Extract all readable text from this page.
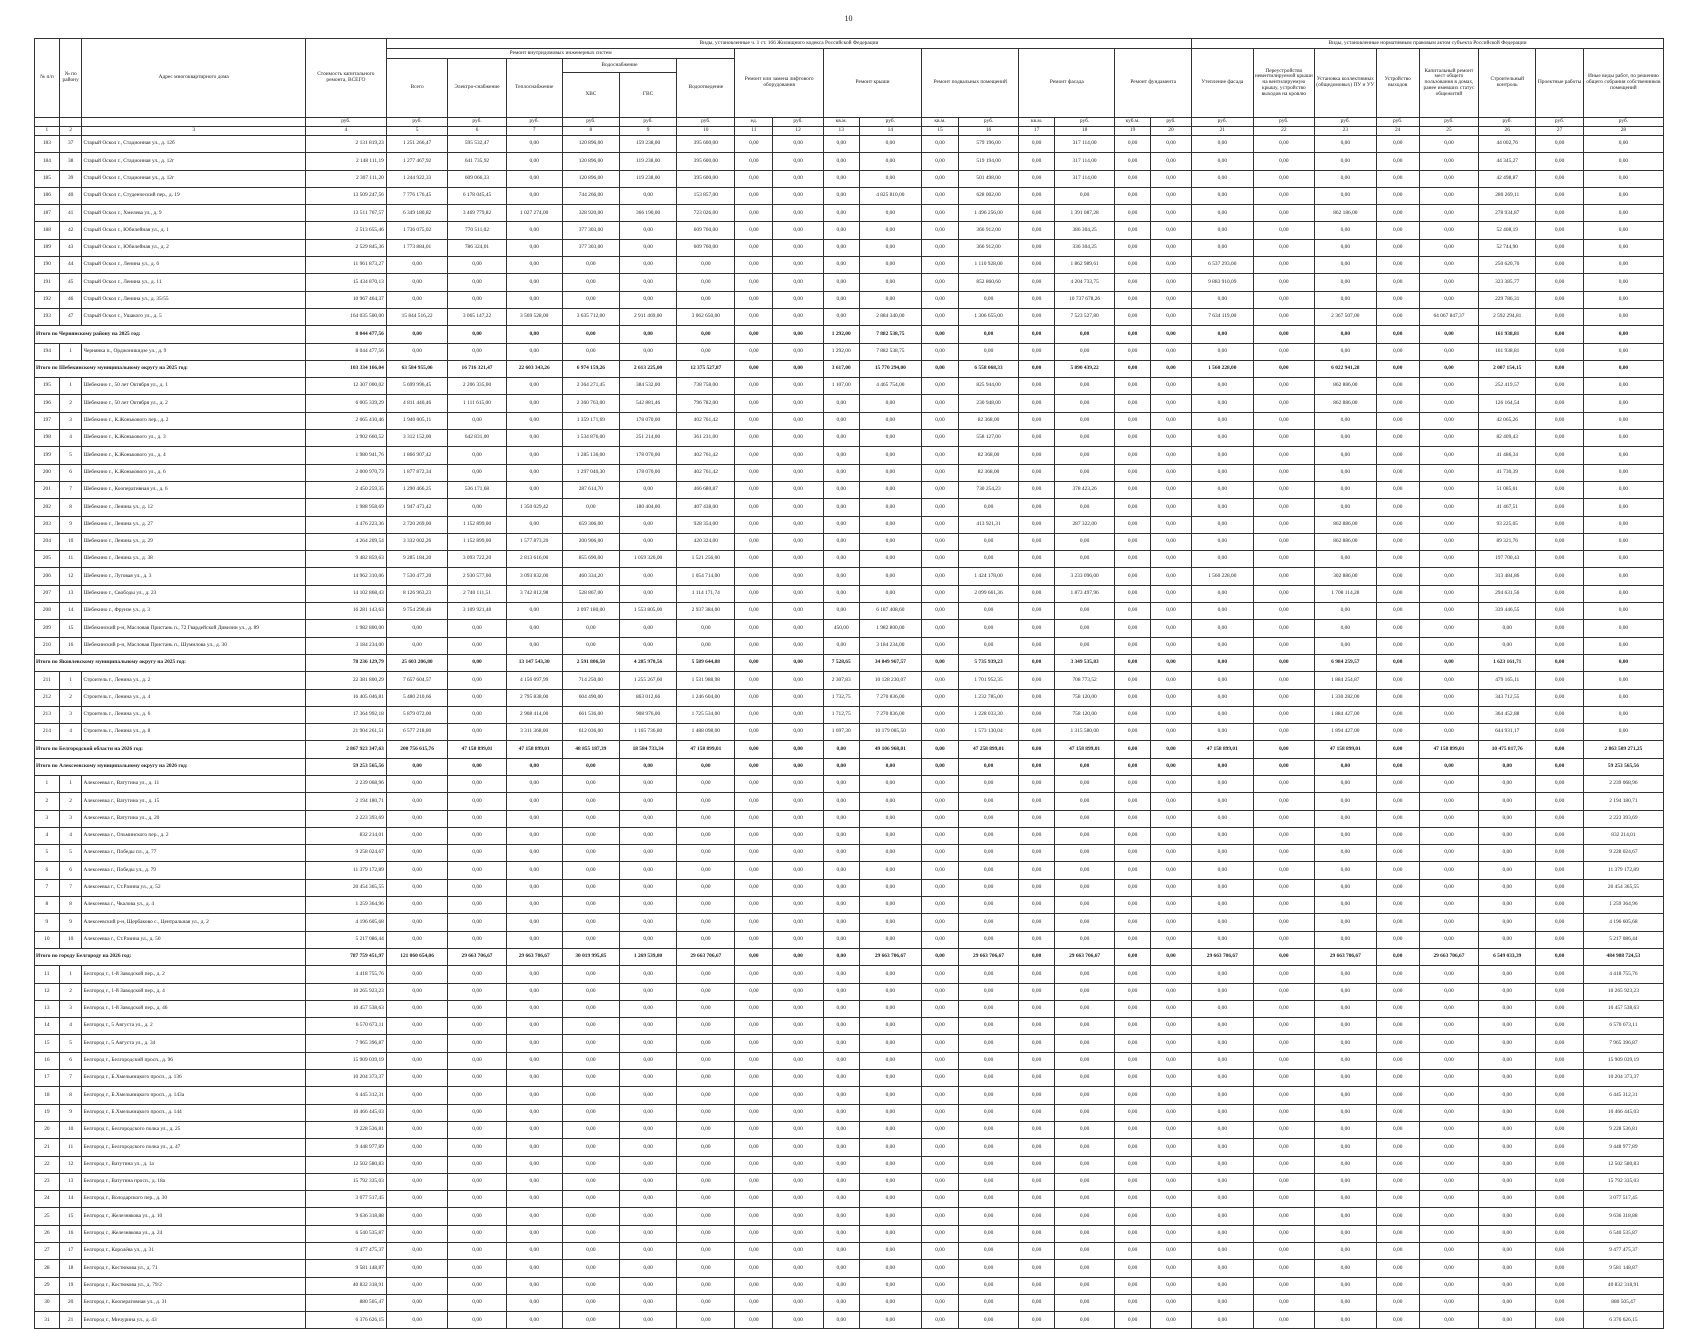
10
№ п/п	№ по району	Адрес многоквартирного дома	Стоимость капитального ремонта, ВСЕГО	Виды, установленные ч. 1 ст. 166 Жилищного кодекса Российской Федерации																Виды, установленные нормативным правовым актом субъекта Российской Федерации							
				Ремонт внутридомовых инженерных систем						Ремонт или замена лифтового оборудования		Ремонт крыши		Ремонт подвальных помещений		Ремонт фасада		Ремонт фундамента		Утепление фасада	Переустройство невентилируемой крыши на вентилируемую крышу, устройство выходов на кровлю	Установка коллективных (общедомовых) ПУ и УУ	Устройство выходов	Капитальный ремонт мест общего пользования в домах, ранее имевших статус общежитий	Строительный контроль	Проектные работы	Иные виды работ, по решению общего собрания собственников помещений
				Всего	Электро-снабжение	Теплоснабжение	Водоснабжение		Водоотведение																		
							ХВС	ГВС																			
			руб.	руб.	руб.	руб.	руб.	руб.	руб.	ед.	руб.	кв.м.	руб.	кв.м.	руб.	кв.м.	руб.	куб.м.	руб.	руб.	руб.	руб.	руб.	руб.	руб.	руб.	руб.
1	2	3	4	5	6	7	8	9	10	11	12	13	14	15	16	17	18	19	20	21	22	23	24	25	26	27	28
183	37	Старый Оскол г., Стадионная ул., д. 12б	2 131 819,23	1 251 266,47	595 532,47	0,00	120 896,00	159 238,00	395 600,00	0,00	0,00	0,00	0,00	0,00	579 196,00	0,00	317 114,00	0,00	0,00	0,00	0,00	0,00	0,00	0,00	44 002,76	0,00	0,00
184	38	Старый Оскол г., Стадионная ул., д. 12г	2 148 111,19	1 277 467,92	641 735,92	0,00	120 896,00	119 238,00	395 600,00	0,00	0,00	0,00	0,00	0,00	519 194,00	0,00	317 114,00	0,00	0,00	0,00	0,00	0,00	0,00	0,00	44 345,27	0,00	0,00
185	39	Старый Оскол г., Стадионная ул., д. 12г	2 307 111,20	1 244 922,33	609 066,33	0,00	120 896,00	119 238,00	395 600,00	0,00	0,00	0,00	0,00	0,00	501 498,00	0,00	317 114,00	0,00	0,00	0,00	0,00	0,00	0,00	0,00	42 498,87	0,00	0,00
186	40	Старый Оскол г., Студенческий пер., д. 19	13 509 247,56	7 776 176,45	6 178 045,45	0,00	744 266,00	0,00	153 857,00	0,00	0,00	0,00	4 825 810,00	0,00	628 002,00	0,00	0,00	0,00	0,00	0,00	0,00	0,00	0,00	0,00	280 269,11	0,00	0,00
187	41	Старый Оскол г., Хмелева ул., д. 9	13 511 767,57	6 349 180,82	3 469 779,82	1 027 274,00	328 920,00	366 190,00	723 026,00	0,00	0,00	0,00	0,00	0,00	1 496 256,00	0,00	1 391 087,28	0,00	0,00	0,00	0,00	862 186,00	0,00	0,00	278 934,87	0,00	0,00
188	42	Старый Оскол г., Юбилейная ул., д. 1	2 513 655,46	1 736 075,02	770 511,02	0,00	377 303,00	0,00	609 760,00	0,00	0,00	0,00	0,00	0,00	366 912,00	0,00	386 304,25	0,00	0,00	0,00	0,00	0,00	0,00	0,00	52 408,19	0,00	0,00
189	43	Старый Оскол г., Юбилейная ул., д. 2	2 529 845,36	1 773 884,01	786 324,01	0,00	377 303,00	0,00	609 760,00	0,00	0,00	0,00	0,00	0,00	366 912,00	0,00	336 304,25	0,00	0,00	0,00	0,00	0,00	0,00	0,00	52 744,90	0,00	0,00
190	44	Старый Оскол г., Ленина ул., д. 6	11 961 873,27	0,00	0,00	0,00	0,00	0,00	0,00	0,00	0,00	0,00	0,00	0,00	1 110 928,00	0,00	1 862 989,61	0,00	0,00	6 537 293,00	0,00	0,00	0,00	0,00	250 620,76	0,00	0,00
191	45	Старый Оскол г., Ленина ул., д. 11	15 434 870,13	0,00	0,00	0,00	0,00	0,00	0,00	0,00	0,00	0,00	0,00	0,00	852 860,60	0,00	4 204 733,75	0,00	0,00	9 883 910,09	0,00	0,00	0,00	0,00	323 385,77	0,00	0,00
192	46	Старый Оскол г., Ленина ул., д. 35/55	10 967 464,37	0,00	0,00	0,00	0,00	0,00	0,00	0,00	0,00	0,00	0,00	0,00	0,00	0,00	10 737 678,26	0,00	0,00	0,00	0,00	0,00	0,00	0,00	229 786,31	0,00	0,00
193	47	Старый Оскол г., Ушакого ул., д. 5	164 035 500,00	15 844 516,22	3 065 147,22	3 569 528,00	3 635 712,00	2 911 469,00	3 062 650,00	0,00	0,00	0,00	2 884 340,00	0,00	1 306 655,00	0,00	7 523 527,80	0,00	0,00	7 634 119,00	0,00	2 367 507,00	0,00	64 067 847,37	2 592 294,81	0,00	0,00
Итого по Чернянскому району на 2025 год:			8 044 477,56	0,00	0,00	0,00	0,00	0,00	0,00	0,00	0,00	1 292,00	7 882 538,75	0,00	0,00	0,00	0,00	0,00	0,00	0,00	0,00	0,00	0,00	0,00	161 938,81	0,00	0,00
194	1	Чернянка п., Орджоникидзе ул., д. 9	8 044 477,56	0,00	0,00	0,00	0,00	0,00	0,00	0,00	0,00	1 292,00	7 882 538,75	0,00	0,00	0,00	0,00	0,00	0,00	0,00	0,00	0,00	0,00	0,00	161 938,81	0,00	0,00
Итого по Шебекинскому муниципальному округу на 2025 год:			103 334 166,04	63 584 955,06	16 716 321,47	22 603 343,26	6 974 159,26	2 613 225,00	12 375 527,87	0,00	0,00	3 617,00	15 770 294,00	0,00	6 558 068,33	0,00	5 890 439,22	0,00	0,00	1 560 228,00	0,00	6 022 941,28	0,00	0,00	2 007 154,15	0,00	0,00
195	1	Шебекино г., 50 лет Октября ул., д. 1	12 307 000,02	5 699 996,45	2 206 335,00	0,00	2 364 271,45	384 532,00	738 758,00	0,00	0,00	1 107,00	4 465 754,00	0,00	825 944,00	0,00	0,00	0,00	0,00	0,00	0,00	862 886,00	0,00	0,00	252 419,57	0,00	0,00
196	2	Шебекино г., 50 лет Октября ул., д. 2	6 005 339,29	4 811 440,46	1 111 615,00	0,00	2 360 763,00	542 881,46	796 782,00	0,00	0,00	0,00	0,00	0,00	230 948,00	0,00	0,00	0,00	0,00	0,00	0,00	862 886,00	0,00	0,00	126 164,54	0,00	0,00
197	3	Шебекино г., К.Жонькового пер., д. 2	2 065 410,46	1 940 005,11	0,00	0,00	1 359 171,69	178 070,00	402 761,42	0,00	0,00	0,00	0,00	0,00	82 368,00	0,00	0,00	0,00	0,00	0,00	0,00	0,00	0,00	0,00	42 065,26	0,00	0,00
198	4	Шебекино г., К.Жонькового ул., д. 3	3 902 660,52	3 312 152,00	642 831,00	0,00	1 534 876,00	251 214,00	361 231,00	0,00	0,00	0,00	0,00	0,00	558 127,00	0,00	0,00	0,00	0,00	0,00	0,00	0,00	0,00	0,00	82 409,43	0,00	0,00
199	5	Шебекино г., К.Жонькового ул., д. 4	1 980 941,76	1 866 907,42	0,00	0,00	1 285 136,00	178 070,00	402 761,42	0,00	0,00	0,00	0,00	0,00	82 368,00	0,00	0,00	0,00	0,00	0,00	0,00	0,00	0,00	0,00	41 486,34	0,00	0,00
200	6	Шебекино г., К.Жонькового ул., д. 6	2 000 970,73	1 877 872,34	0,00	0,00	1 297 040,30	178 070,00	402 761,42	0,00	0,00	0,00	0,00	0,00	82 368,00	0,00	0,00	0,00	0,00	0,00	0,00	0,00	0,00	0,00	41 730,39	0,00	0,00
201	7	Шебекино г., Кооперативная ул., д. 6	2 450 259,35	1 290 466,25	536 171,68	0,00	287 614,70	0,00	466 680,87	0,00	0,00	0,00	0,00	0,00	730 254,23	0,00	378 423,26	0,00	0,00	0,00	0,00	0,00	0,00	0,00	51 085,61	0,00	0,00
202	8	Шебекино г., Ленина ул., д. 12	1 988 958,69	1 947 473,42	0,00	1 350 029,42	0,00	180 404,00	407 438,00	0,00	0,00	0,00	0,00	0,00	0,00	0,00	0,00	0,00	0,00	0,00	0,00	0,00	0,00	0,00	41 467,51	0,00	0,00
203	9	Шебекино г., Ленина ул., д. 27	4 476 223,36	2 720 269,00	1 152 899,00	0,00	659 306,00	0,00	928 354,00	0,00	0,00	0,00	0,00	0,00	413 921,31	0,00	287 322,00	0,00	0,00	0,00	0,00	862 886,00	0,00	0,00	93 225,05	0,00	0,00
204	10	Шебекино г., Ленина ул., д. 29	4 264 209,54	3 332 002,26	1 152 899,00	1 577 873,20	200 906,00	0,00	420 324,00	0,00	0,00	0,00	0,00	0,00	0,00	0,00	0,00	0,00	0,00	0,00	0,00	862 886,00	0,00	0,00	89 321,76	0,00	0,00
205	11	Шебекино г., Ленина ул., д. 38	9 482 859,63	9 285 184,20	3 093 722,20	2 813 616,00	855 690,00	1 059 320,00	1 521 256,00	0,00	0,00	0,00	0,00	0,00	0,00	0,00	0,00	0,00	0,00	0,00	0,00	0,00	0,00	0,00	197 700,43	0,00	0,00
206	12	Шебекино г., Луговая ул., д. 3	14 962 310,06	7 530 477,20	2 930 577,00	3 093 832,00	460 334,20	0,00	1 054 714,00	0,00	0,00	0,00	0,00	0,00	1 424 178,00	0,00	3 233 096,00	0,00	0,00	1 560 228,00	0,00	302 886,00	0,00	0,00	313 484,86	0,00	0,00
207	13	Шебекино г., Свободы ул., д. 23	14 102 868,43	8 126 963,23	2 740 111,51	3 742 812,98	528 867,00	0,00	1 114 171,74	0,00	0,00	0,00	0,00	0,00	2 099 661,36	0,00	1 873 497,96	0,00	0,00	0,00	0,00	1 708 114,28	0,00	0,00	294 631,56	0,00	0,00
208	14	Шебекино г., Фрунзе ул., д. 3	16 281 143,63	9 754 290,48	3 109 921,48	0,00	2 097 180,00	1 553 805,00	2 937 384,00	0,00	0,00	0,00	6 187 408,60	0,00	0,00	0,00	0,00	0,00	0,00	0,00	0,00	0,00	0,00	0,00	339 446,55	0,00	0,00
209	15	Шебекинский р-н, Масловая Пристань п., 72 Гвардейской Дивизии ул., д. 89	1 982 800,00	0,00	0,00	0,00	0,00	0,00	0,00	0,00	0,00	450,00	1 982 800,00	0,00	0,00	0,00	0,00	0,00	0,00	0,00	0,00	0,00	0,00	0,00	0,00	0,00	0,00
210	16	Шебекинский р-н, Масловая Пристань п., Шумилова ул., д. 30	3 184 234,00	0,00	0,00	0,00	0,00	0,00	0,00	0,00	0,00	0,00	3 184 234,00	0,00	0,00	0,00	0,00	0,00	0,00	0,00	0,00	0,00	0,00	0,00	0,00	0,00	0,00
Итого по Яковлевскому муниципальному округу на 2025 год:			78 236 129,79	25 603 206,80	0,00	13 147 543,30	2 591 806,50	4 285 970,56	5 589 644,88	0,00	0,00	7 528,65	34 849 967,57	0,00	5 735 939,23	0,00	3 349 535,83	0,00	0,00	0,00	0,00	6 984 259,57	0,00	0,00	1 623 161,71	0,00	0,00
211	1	Строитель г., Ленина ул., д. 2	22 381 800,29	7 657 604,57	0,00	4 156 097,99	714 250,00	1 255 267,60	1 531 988,98	0,00	0,00	2 307,83	10 128 230,07	0,00	1 701 952,35	0,00	708 773,52	0,00	0,00	0,00	0,00	1 884 254,87	0,00	0,00	479 165,11	0,00	0,00
212	2	Строитель г., Ленина ул., д. 4	16 405 046,81	5 480 210,66	0,00	2 795 838,00	604 490,00	863 012,66	1 246 604,00	0,00	0,00	1 732,75	7 270 836,00	0,00	1 232 785,00	0,00	758 120,00	0,00	0,00	0,00	0,00	1 330 282,00	0,00	0,00	343 712,55	0,00	0,00
213	3	Строитель г., Ленина ул., д. 6	17 364 992,18	5 879 072,00	0,00	2 908 414,00	661 536,00	908 976,00	1 725 534,00	0,00	0,00	1 712,75	7 270 836,00	0,00	1 228 033,30	0,00	758 120,00	0,00	0,00	0,00	0,00	1 884 427,00	0,00	0,00	364 452,88	0,00	0,00
214	4	Строитель г., Ленина ул., д. 8	21 904 261,51	6 577 218,80	0,00	3 311 368,00	612 036,00	1 165 736,80	1 488 098,00	0,00	0,00	1 697,30	10 179 085,50	0,00	1 573 130,04	0,00	1 315 580,00	0,00	0,00	0,00	0,00	1 894 427,00	0,00	0,00	644 931,17	0,00	0,00
Итого по Белгородской области на 2026 год:			2 867 923 347,63	200 756 615,76	47 158 899,01	47 158 899,01	48 855 187,39	18 584 733,34	47 158 899,01	0,00	0,00	0,00	49 106 968,01	0,00	47 258 899,01	0,00	47 158 899,01	0,00	0,00	47 158 899,01	0,00	47 158 899,01	0,00	47 158 899,01	10 475 817,76	0,00	2 863 509 271,25
Итого по Алексеевскому муниципальному округу на 2026 год:			59 253 565,56	0,00	0,00	0,00	0,00	0,00	0,00	0,00	0,00	0,00	0,00	0,00	0,00	0,00	0,00	0,00	0,00	0,00	0,00	0,00	0,00	0,00	0,00	0,00	59 253 565,56
1	1	Алексеевка г., Ватутина ул., д. 11	2 239 068,96	0,00	0,00	0,00	0,00	0,00	0,00	0,00	0,00	0,00	0,00	0,00	0,00	0,00	0,00	0,00	0,00	0,00	0,00	0,00	0,00	0,00	0,00	0,00	2 239 068,96
2	2	Алексеевка г., Ватутина ул., д. 15	2 194 180,71	0,00	0,00	0,00	0,00	0,00	0,00	0,00	0,00	0,00	0,00	0,00	0,00	0,00	0,00	0,00	0,00	0,00	0,00	0,00	0,00	0,00	0,00	0,00	2 194 180,71
3	3	Алексеевка г., Ватутина ул., д. 20	2 223 393,69	0,00	0,00	0,00	0,00	0,00	0,00	0,00	0,00	0,00	0,00	0,00	0,00	0,00	0,00	0,00	0,00	0,00	0,00	0,00	0,00	0,00	0,00	0,00	2 223 393,69
4	4	Алексеевка г., Ольминского пер., д. 2	832 214,01	0,00	0,00	0,00	0,00	0,00	0,00	0,00	0,00	0,00	0,00	0,00	0,00	0,00	0,00	0,00	0,00	0,00	0,00	0,00	0,00	0,00	0,00	0,00	832 214,01
5	5	Алексеевка г., Победы пл., д. 77	9 258 024,67	0,00	0,00	0,00	0,00	0,00	0,00	0,00	0,00	0,00	0,00	0,00	0,00	0,00	0,00	0,00	0,00	0,00	0,00	0,00	0,00	0,00	0,00	0,00	9 228 024,67
6	6	Алексеевка г., Победы ул., д. 79	11 379 172,89	0,00	0,00	0,00	0,00	0,00	0,00	0,00	0,00	0,00	0,00	0,00	0,00	0,00	0,00	0,00	0,00	0,00	0,00	0,00	0,00	0,00	0,00	0,00	11 379 172,89
7	7	Алексеевка г., Ст.Разина ул., д. 52	20 454 365,55	0,00	0,00	0,00	0,00	0,00	0,00	0,00	0,00	0,00	0,00	0,00	0,00	0,00	0,00	0,00	0,00	0,00	0,00	0,00	0,00	0,00	0,00	0,00	20 454 365,55
8	8	Алексеевка г., Чкалова ул., д. 4	1 259 364,96	0,00	0,00	0,00	0,00	0,00	0,00	0,00	0,00	0,00	0,00	0,00	0,00	0,00	0,00	0,00	0,00	0,00	0,00	0,00	0,00	0,00	0,00	0,00	1 259 364,96
9	9	Алексеевский р-н, Щербаково с., Центральная ул., д. 2	4 196 605,68	0,00	0,00	0,00	0,00	0,00	0,00	0,00	0,00	0,00	0,00	0,00	0,00	0,00	0,00	0,00	0,00	0,00	0,00	0,00	0,00	0,00	0,00	0,00	4 196 605,68
10	10	Алексеевка г., Ст.Разина ул., д. 50	5 217 086,44	0,00	0,00	0,00	0,00	0,00	0,00	0,00	0,00	0,00	0,00	0,00	0,00	0,00	0,00	0,00	0,00	0,00	0,00	0,00	0,00	0,00	0,00	0,00	5 217 086,44
Итого по городу Белгороду на 2026 год:			787 759 451,97	121 060 654,06	29 663 706,67	29 663 706,67	30 019 995,85	1 269 539,80	29 663 706,67	0,00	0,00	0,00	29 663 706,67	0,00	29 663 706,67	0,00	29 663 706,67	0,00	0,00	29 663 706,67	0,00	29 663 706,67	0,00	29 663 706,67	6 549 033,39	0,00	484 988 724,53
11	1	Белгород г., 1-й Заводской пер., д. 2	4 418 755,76	0,00	0,00	0,00	0,00	0,00	0,00	0,00	0,00	0,00	0,00	0,00	0,00	0,00	0,00	0,00	0,00	0,00	0,00	0,00	0,00	0,00	0,00	0,00	4 418 755,76
12	2	Белгород г., 1-й Заводской пер., д. 4	10 265 923,23	0,00	0,00	0,00	0,00	0,00	0,00	0,00	0,00	0,00	0,00	0,00	0,00	0,00	0,00	0,00	0,00	0,00	0,00	0,00	0,00	0,00	0,00	0,00	10 265 923,23
13	3	Белгород г., 1-й Заводской пер., д. 46	10 457 538,63	0,00	0,00	0,00	0,00	0,00	0,00	0,00	0,00	0,00	0,00	0,00	0,00	0,00	0,00	0,00	0,00	0,00	0,00	0,00	0,00	0,00	0,00	0,00	10 457 538,63
14	4	Белгород г., 5 Августа ул., д. 2	6 570 673,11	0,00	0,00	0,00	0,00	0,00	0,00	0,00	0,00	0,00	0,00	0,00	0,00	0,00	0,00	0,00	0,00	0,00	0,00	0,00	0,00	0,00	0,00	0,00	6 570 673,11
15	5	Белгород г., 5 Августа ул., д. 34	7 965 396,87	0,00	0,00	0,00	0,00	0,00	0,00	0,00	0,00	0,00	0,00	0,00	0,00	0,00	0,00	0,00	0,00	0,00	0,00	0,00	0,00	0,00	0,00	0,00	7 965 396,87
16	6	Белгород г., Белгородский просп., д. 96	15 909 039,19	0,00	0,00	0,00	0,00	0,00	0,00	0,00	0,00	0,00	0,00	0,00	0,00	0,00	0,00	0,00	0,00	0,00	0,00	0,00	0,00	0,00	0,00	0,00	15 909 039,19
17	7	Белгород г., Б.Хмельницкого просп., д. 136	10 204 373,37	0,00	0,00	0,00	0,00	0,00	0,00	0,00	0,00	0,00	0,00	0,00	0,00	0,00	0,00	0,00	0,00	0,00	0,00	0,00	0,00	0,00	0,00	0,00	10 204 373,37
18	8	Белгород г., Б.Хмельницкого просп., д. 143а	6 445 312,31	0,00	0,00	0,00	0,00	0,00	0,00	0,00	0,00	0,00	0,00	0,00	0,00	0,00	0,00	0,00	0,00	0,00	0,00	0,00	0,00	0,00	0,00	0,00	6 445 312,31
19	9	Белгород г., Б.Хмельницкого просп., д. 144	10 466 445,03	0,00	0,00	0,00	0,00	0,00	0,00	0,00	0,00	0,00	0,00	0,00	0,00	0,00	0,00	0,00	0,00	0,00	0,00	0,00	0,00	0,00	0,00	0,00	10 466 445,03
20	10	Белгород г., Белгородского полка ул., д. 25	9 228 536,81	0,00	0,00	0,00	0,00	0,00	0,00	0,00	0,00	0,00	0,00	0,00	0,00	0,00	0,00	0,00	0,00	0,00	0,00	0,00	0,00	0,00	0,00	0,00	9 228 536,81
21	11	Белгород г., Белгородского полка ул., д. 47	9 448 977,89	0,00	0,00	0,00	0,00	0,00	0,00	0,00	0,00	0,00	0,00	0,00	0,00	0,00	0,00	0,00	0,00	0,00	0,00	0,00	0,00	0,00	0,00	0,00	9 448 977,89
22	12	Белгород г., Ватутина ул., д. 1а	12 502 580,83	0,00	0,00	0,00	0,00	0,00	0,00	0,00	0,00	0,00	0,00	0,00	0,00	0,00	0,00	0,00	0,00	0,00	0,00	0,00	0,00	0,00	0,00	0,00	12 502 580,83
23	13	Белгород г., Ватутина просп., д. 18а	15 792 335,03	0,00	0,00	0,00	0,00	0,00	0,00	0,00	0,00	0,00	0,00	0,00	0,00	0,00	0,00	0,00	0,00	0,00	0,00	0,00	0,00	0,00	0,00	0,00	15 792 335,03
24	14	Белгород г., Володарского пер., д. 30	3 077 517,45	0,00	0,00	0,00	0,00	0,00	0,00	0,00	0,00	0,00	0,00	0,00	0,00	0,00	0,00	0,00	0,00	0,00	0,00	0,00	0,00	0,00	0,00	0,00	3 077 517,45
25	15	Белгород г., Железнякова ул., д. 10	9 636 318,88	0,00	0,00	0,00	0,00	0,00	0,00	0,00	0,00	0,00	0,00	0,00	0,00	0,00	0,00	0,00	0,00	0,00	0,00	0,00	0,00	0,00	0,00	0,00	9 636 318,88
26	16	Белгород г., Железнякова ул., д. 24	6 540 535,87	0,00	0,00	0,00	0,00	0,00	0,00	0,00	0,00	0,00	0,00	0,00	0,00	0,00	0,00	0,00	0,00	0,00	0,00	0,00	0,00	0,00	0,00	0,00	6 540 535,87
27	17	Белгород г., Королёва ул., д. 31	9 477 475,37	0,00	0,00	0,00	0,00	0,00	0,00	0,00	0,00	0,00	0,00	0,00	0,00	0,00	0,00	0,00	0,00	0,00	0,00	0,00	0,00	0,00	0,00	0,00	9 477 475,37
28	18	Белгород г., Костюкова ул., д. 71	9 581 148,87	0,00	0,00	0,00	0,00	0,00	0,00	0,00	0,00	0,00	0,00	0,00	0,00	0,00	0,00	0,00	0,00	0,00	0,00	0,00	0,00	0,00	0,00	0,00	9 581 148,87
29	19	Белгород г., Костюкова ул., д. 79/2	40 832 318,91	0,00	0,00	0,00	0,00	0,00	0,00	0,00	0,00	0,00	0,00	0,00	0,00	0,00	0,00	0,00	0,00	0,00	0,00	0,00	0,00	0,00	0,00	0,00	40 832 318,91
30	20	Белгород г., Кооператовная ул., д. 31	880 505,47	0,00	0,00	0,00	0,00	0,00	0,00	0,00	0,00	0,00	0,00	0,00	0,00	0,00	0,00	0,00	0,00	0,00	0,00	0,00	0,00	0,00	0,00	0,00	880 505,47
31	21	Белгород г., Мичурина ул., д. 43	6 376 626,15	0,00	0,00	0,00	0,00	0,00	0,00	0,00	0,00	0,00	0,00	0,00	0,00	0,00	0,00	0,00	0,00	0,00	0,00	0,00	0,00	0,00	0,00	0,00	6 376 626,15
